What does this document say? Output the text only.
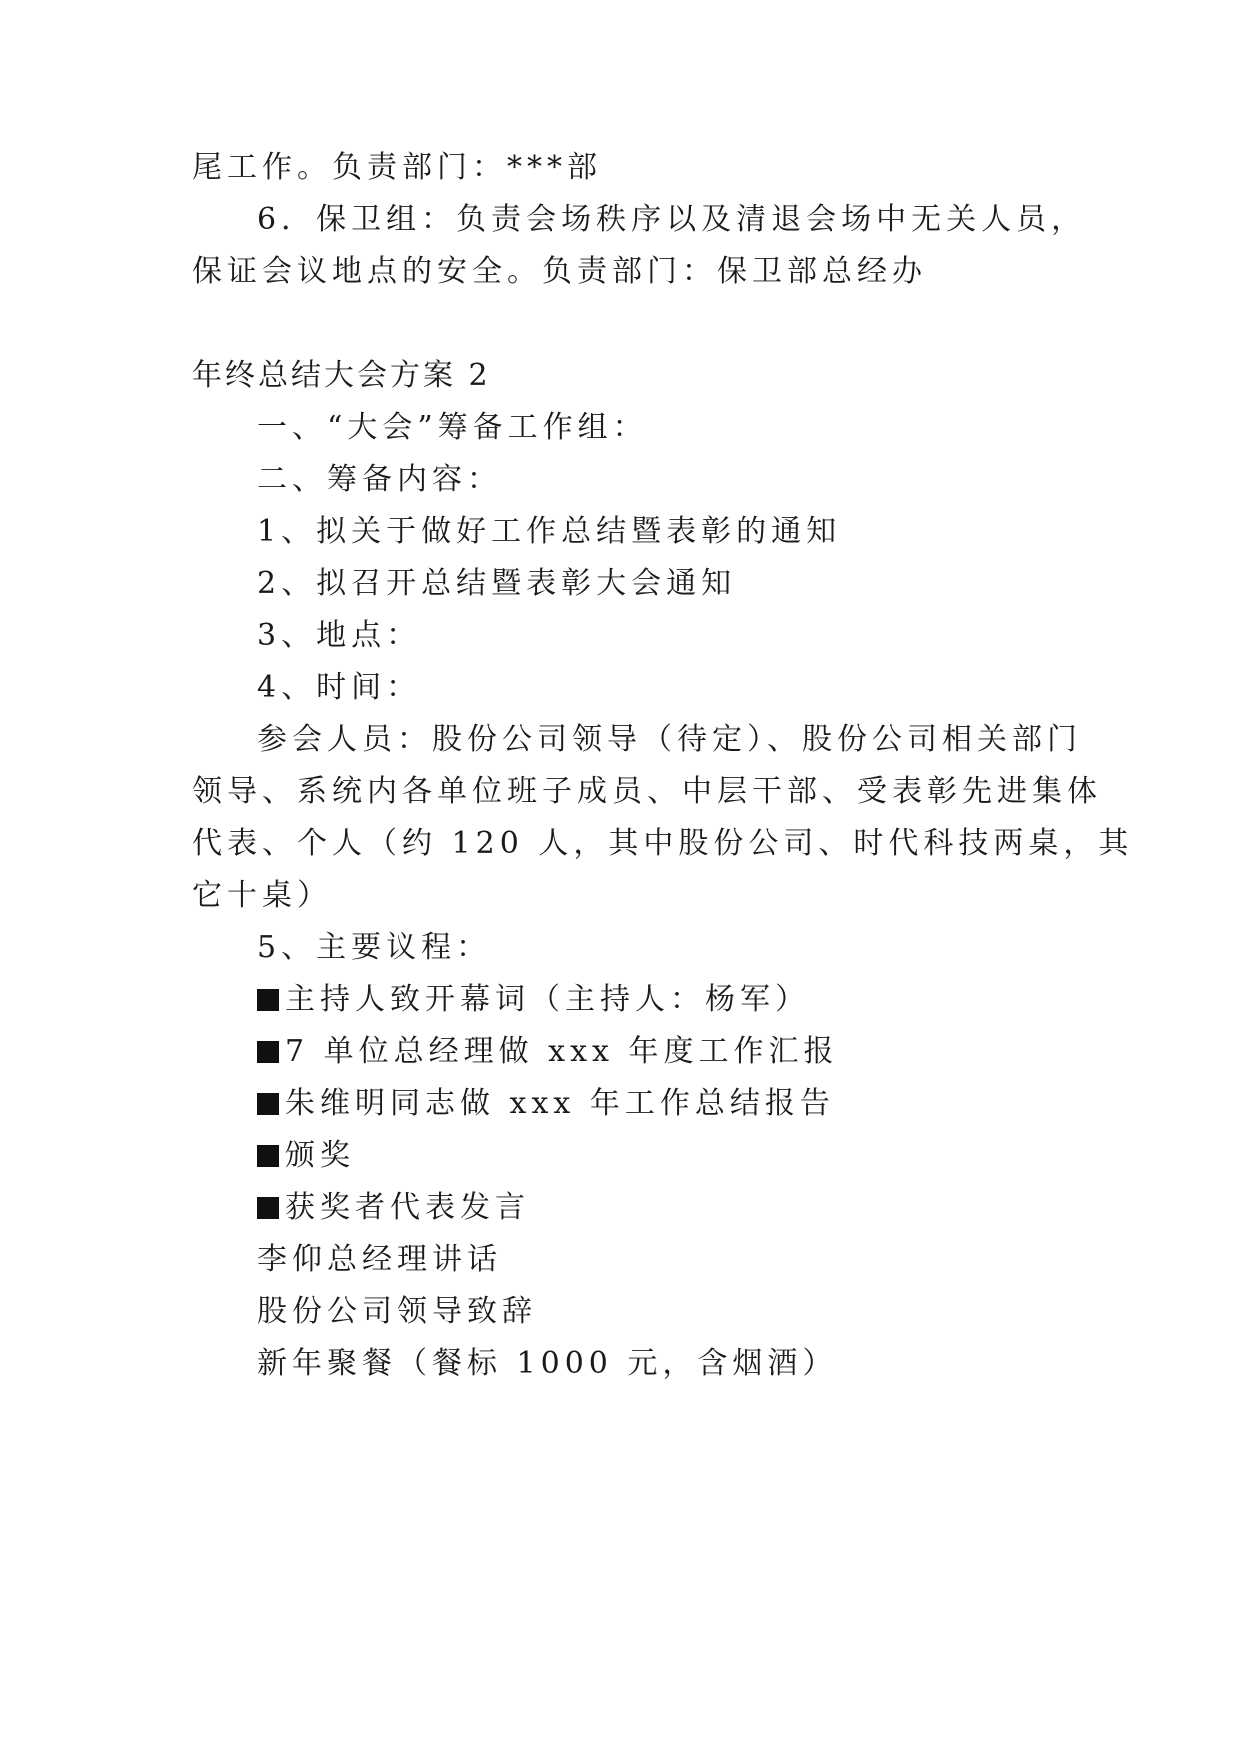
尾工作。负责部门：***部
6．保卫组：负责会场秩序以及清退会场中无关人员，
保证会议地点的安全。负责部门：保卫部总经办
年终总结大会方案 2
一、“大会”筹备工作组：
二、筹备内容：
1、拟关于做好工作总结暨表彰的通知
2、拟召开总结暨表彰大会通知
3、地点：
4、时间：
参会人员：股份公司领导（待定）、股份公司相关部门
领导、系统内各单位班子成员、中层干部、受表彰先进集体
代表、个人（约 120 人，其中股份公司、时代科技两桌，其
它十桌）
5、主要议程：
主持人致开幕词（主持人：杨军）
7 单位总经理做 xxx 年度工作汇报
朱维明同志做 xxx 年工作总结报告
颁奖
获奖者代表发言
李仰总经理讲话
股份公司领导致辞
新年聚餐（餐标 1000 元，含烟酒）
